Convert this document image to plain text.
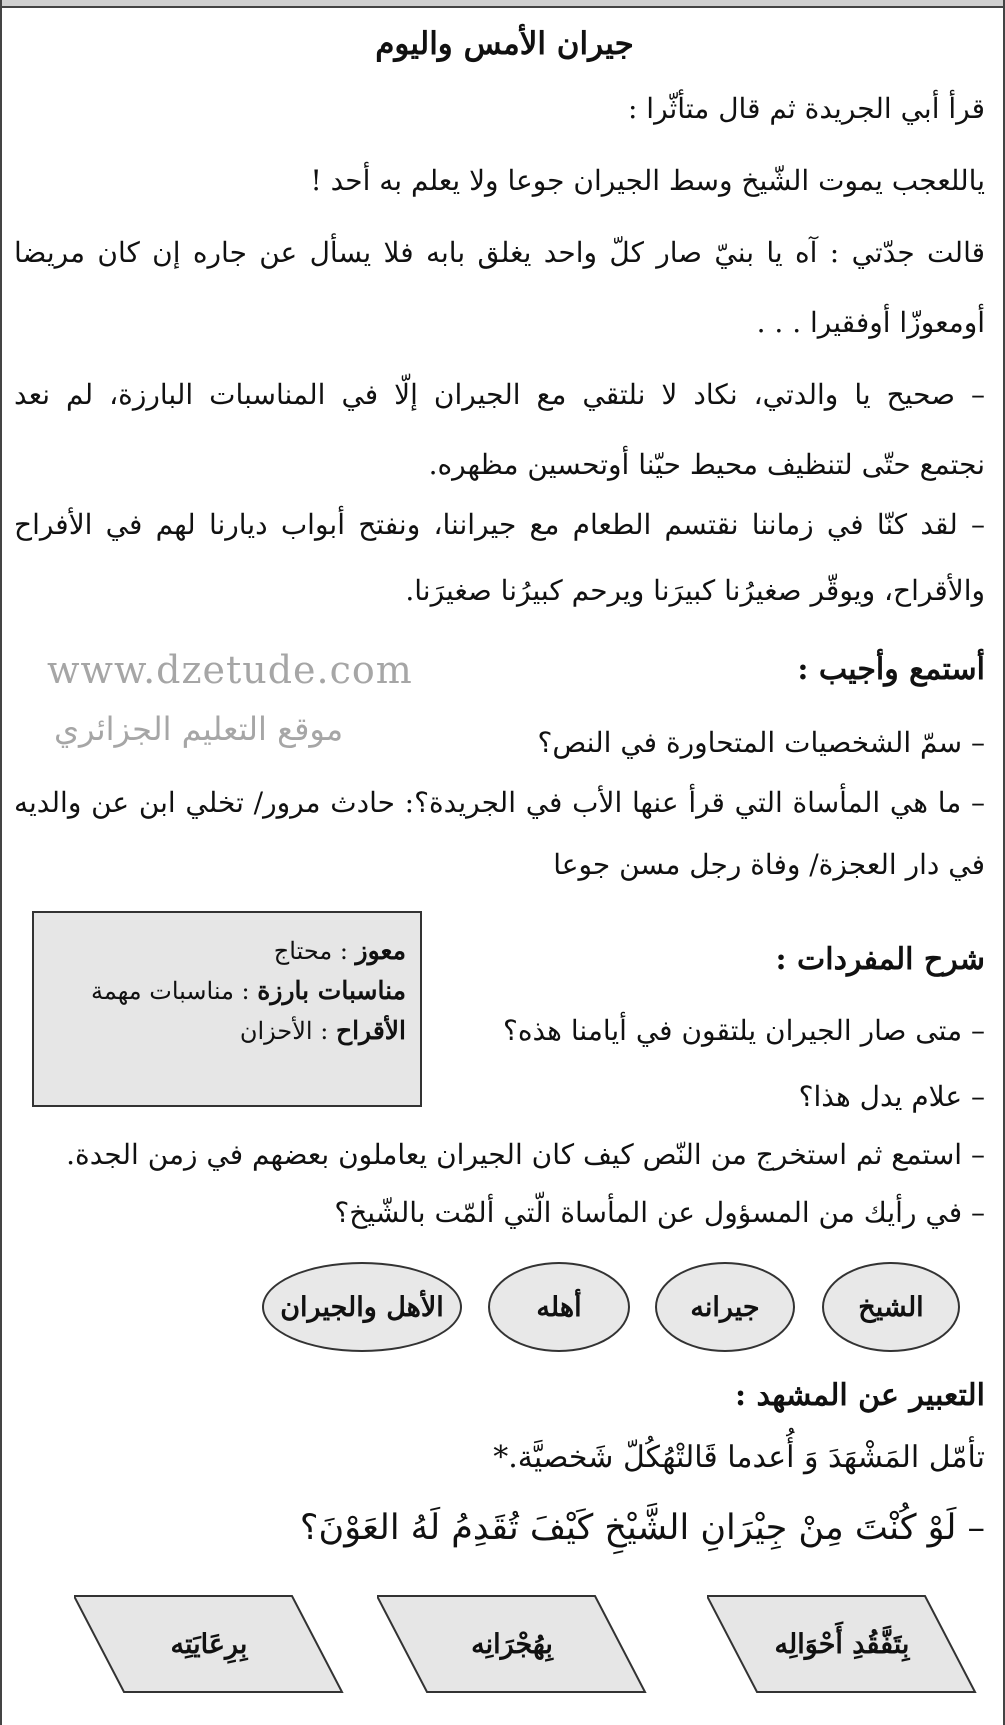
جيران الأمس واليوم
قرأ أبي الجريدة ثم قال متأثّرا :
ياللعجب يموت الشّيخ وسط الجيران جوعا ولا يعلم به أحد !
قالت جدّتي : آه يا بنيّ صار كلّ واحد يغلق بابه فلا يسأل عن جاره إن كان مريضا
أومعوزّا أوفقيرا . . .
– صحيح يا والدتي، نكاد لا نلتقي مع الجيران إلّا في المناسبات البارزة، لم نعد
نجتمع حتّى لتنظيف محيط حيّنا أوتحسين مظهره.
– لقد كنّا في زماننا نقتسم الطعام مع جيراننا، ونفتح أبواب ديارنا لهم في الأفراح
والأقراح، ويوقّر صغيرُنا كبيرَنا ويرحم كبيرُنا صغيرَنا.
أستمع وأجيب :
www.dzetude.com
موقع التعليم الجزائري	– سمّ الشخصيات المتحاورة في النص؟
– ما هي المأساة التي قرأ عنها الأب في الجريدة؟: حادث مرور/ تخلي ابن عن والديه
في دار العجزة/ وفاة رجل مسن جوعا
شرح المفردات :
معوز : محتاج
مناسبات بارزة : مناسبات مهمة
الأقراح : الأحزان	– متى صار الجيران يلتقون في أيامنا هذه؟
– علام يدل هذا؟
– استمع ثم استخرج من النّص كيف كان الجيران يعاملون بعضهم في زمن الجدة.
– في رأيك من المسؤول عن المأساة الّتي ألمّت بالشّيخ؟
الشيخ
جيرانه
أهله
الأهل والجيران
التعبير عن المشهد :
تأمّل المَشْهَدَ وَ أُعدما قَالتْهُكُلّ شَخصيَّة.*
– لَوْ كُنْتَ مِنْ جِيْرَانِ الشَّيْخِ كَيْفَ تُقَدِمُ لَهُ العَوْنَ؟
بِتَفَّقُدِ أَحْوَالِه
بِهُجْرَانِه
بِرِعَايَتِه
